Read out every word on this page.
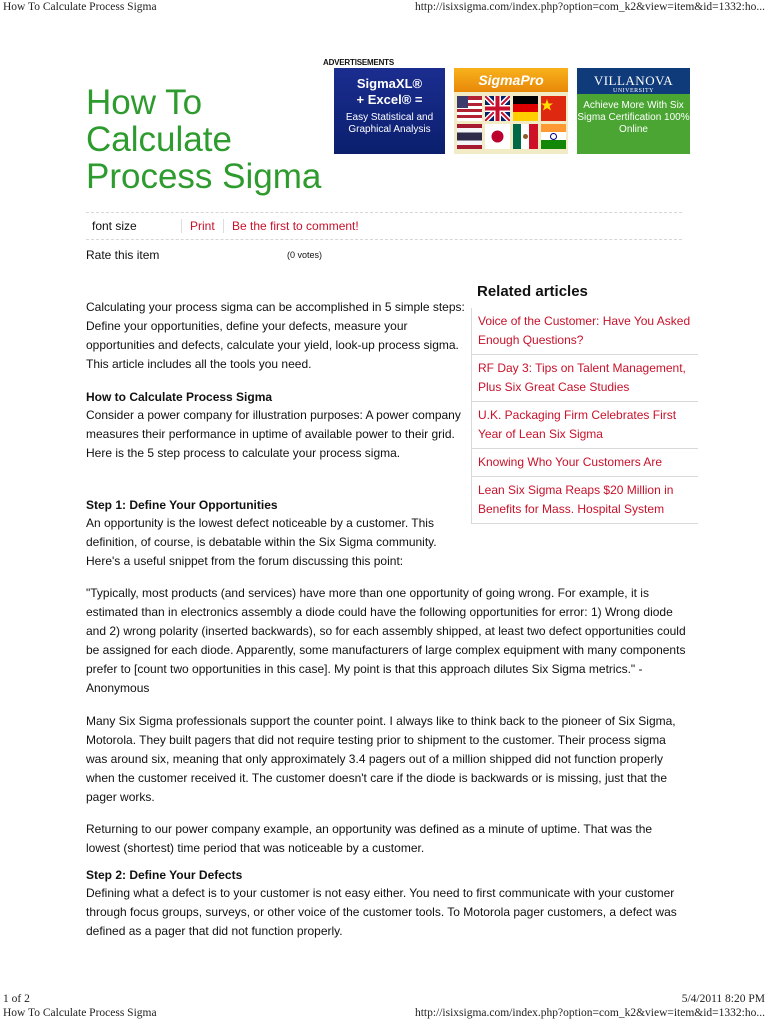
How To Calculate Process Sigma	http://isixsigma.com/index.php?option=com_k2&view=item&id=1332:ho...
ADVERTISEMENTS
SigmaXL®
+ Excel® =
Easy Statistical and Graphical Analysis
SigmaPro	VILLANOVA
UNIVERSITY
Achieve More With Six Sigma Certification 100% Online
How To Calculate Process Sigma
font size	Print	Be the first to comment!
Rate this item	(0 votes)
Calculating your process sigma can be accomplished in 5 simple steps: Define your opportunities, define your defects, measure your opportunities and defects, calculate your yield, look-up process sigma. This article includes all the tools you need.
How to Calculate Process Sigma
Consider a power company for illustration purposes: A power company measures their performance in uptime of available power to their grid. Here is the 5 step process to calculate your process sigma.
Step 1: Define Your Opportunities
An opportunity is the lowest defect noticeable by a customer. This definition, of course, is debatable within the Six Sigma community. Here's a useful snippet from the forum discussing this point:
"Typically, most products (and services) have more than one opportunity of going wrong. For example, it is estimated than in electronics assembly a diode could have the following opportunities for error: 1) Wrong diode and 2) wrong polarity (inserted backwards), so for each assembly shipped, at least two defect opportunities could be assigned for each diode. Apparently, some manufacturers of large complex equipment with many components prefer to [count two opportunities in this case]. My point is that this approach dilutes Six Sigma metrics." -Anonymous
Many Six Sigma professionals support the counter point. I always like to think back to the pioneer of Six Sigma, Motorola. They built pagers that did not require testing prior to shipment to the customer. Their process sigma was around six, meaning that only approximately 3.4 pagers out of a million shipped did not function properly when the customer received it. The customer doesn't care if the diode is backwards or is missing, just that the pager works.
Returning to our power company example, an opportunity was defined as a minute of uptime. That was the lowest (shortest) time period that was noticeable by a customer.
Step 2: Define Your Defects
Defining what a defect is to your customer is not easy either. You need to first communicate with your customer through focus groups, surveys, or other voice of the customer tools. To Motorola pager customers, a defect was defined as a pager that did not function properly.
Related articles
Voice of the Customer: Have You Asked Enough Questions?
RF Day 3: Tips on Talent Management, Plus Six Great Case Studies
U.K. Packaging Firm Celebrates First Year of Lean Six Sigma
Knowing Who Your Customers Are
Lean Six Sigma Reaps $20 Million in Benefits for Mass. Hospital System
1 of 2	5/4/2011 8:20 PM
How To Calculate Process Sigma	http://isixsigma.com/index.php?option=com_k2&view=item&id=1332:ho...
